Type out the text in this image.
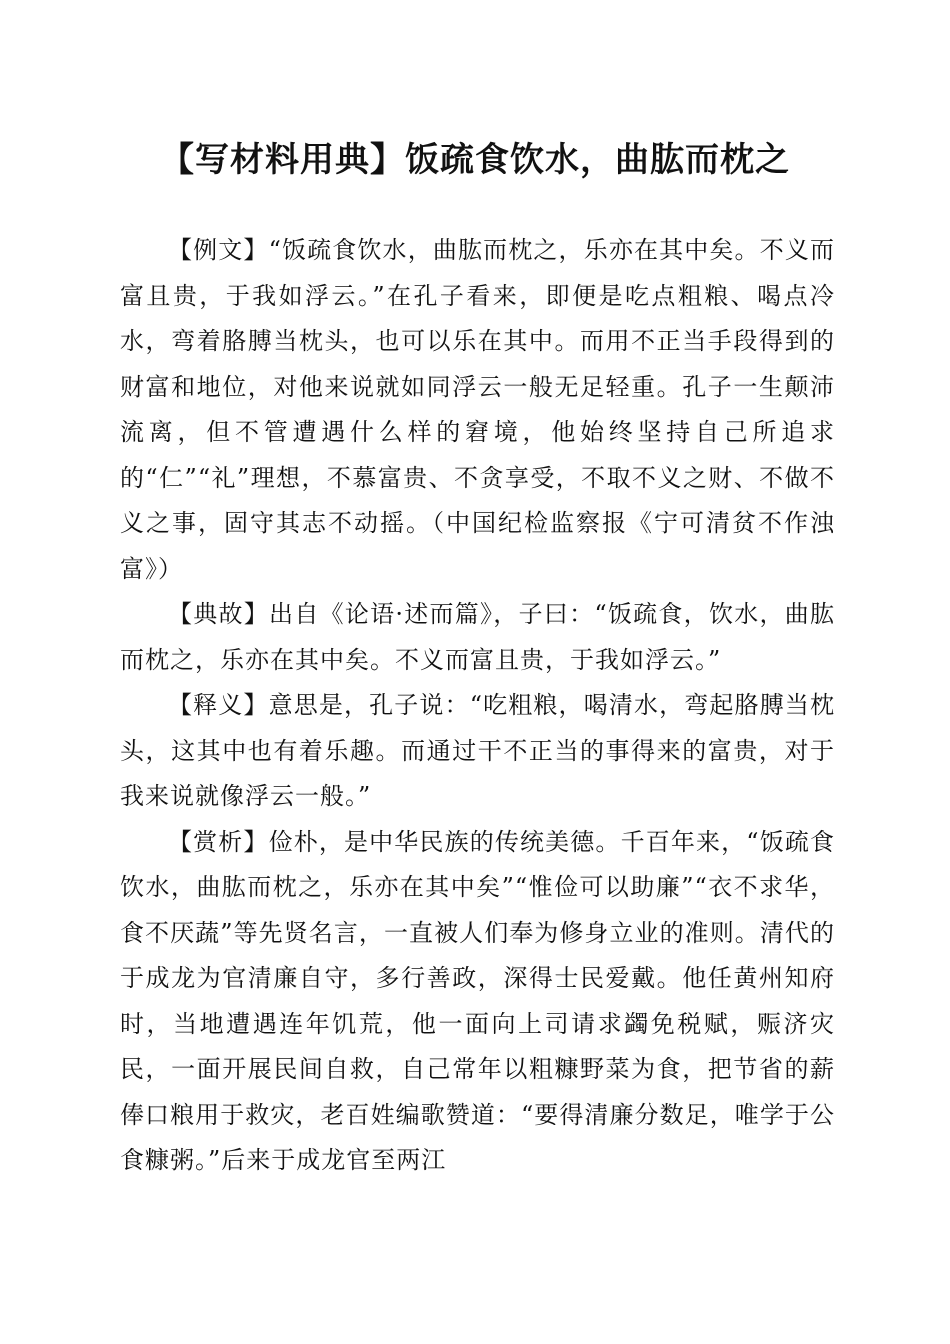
【写材料用典】饭疏食饮水，曲肱而枕之

【例文】“饭疏食饮水，曲肱而枕之，乐亦在其中矣。不义而富且贵，于我如浮云。”在孔子看来，即便是吃点粗粮、喝点冷水，弯着胳膊当枕头，也可以乐在其中。而用不正当手段得到的财富和地位，对他来说就如同浮云一般无足轻重。孔子一生颠沛流离，但不管遭遇什么样的窘境，他始终坚持自己所追求的“仁”“礼”理想，不慕富贵、不贪享受，不取不义之财、不做不义之事，固守其志不动摇。（中国纪检监察报《宁可清贫不作浊富》）

【典故】出自《论语·述而篇》，子曰：“饭疏食，饮水，曲肱而枕之，乐亦在其中矣。不义而富且贵，于我如浮云。”

【释义】意思是，孔子说：“吃粗粮，喝清水，弯起胳膊当枕头，这其中也有着乐趣。而通过干不正当的事得来的富贵，对于我来说就像浮云一般。”

【赏析】俭朴，是中华民族的传统美德。千百年来，“饭疏食饮水，曲肱而枕之，乐亦在其中矣”“惟俭可以助廉”“衣不求华，食不厌蔬”等先贤名言，一直被人们奉为修身立业的准则。清代的于成龙为官清廉自守，多行善政，深得士民爱戴。他任黄州知府时，当地遭遇连年饥荒，他一面向上司请求蠲免税赋，赈济灾民，一面开展民间自救，自己常年以粗糠野菜为食，把节省的薪俸口粮用于救灾，老百姓编歌赞道：“要得清廉分数足，唯学于公食糠粥。”后来于成龙官至两江
